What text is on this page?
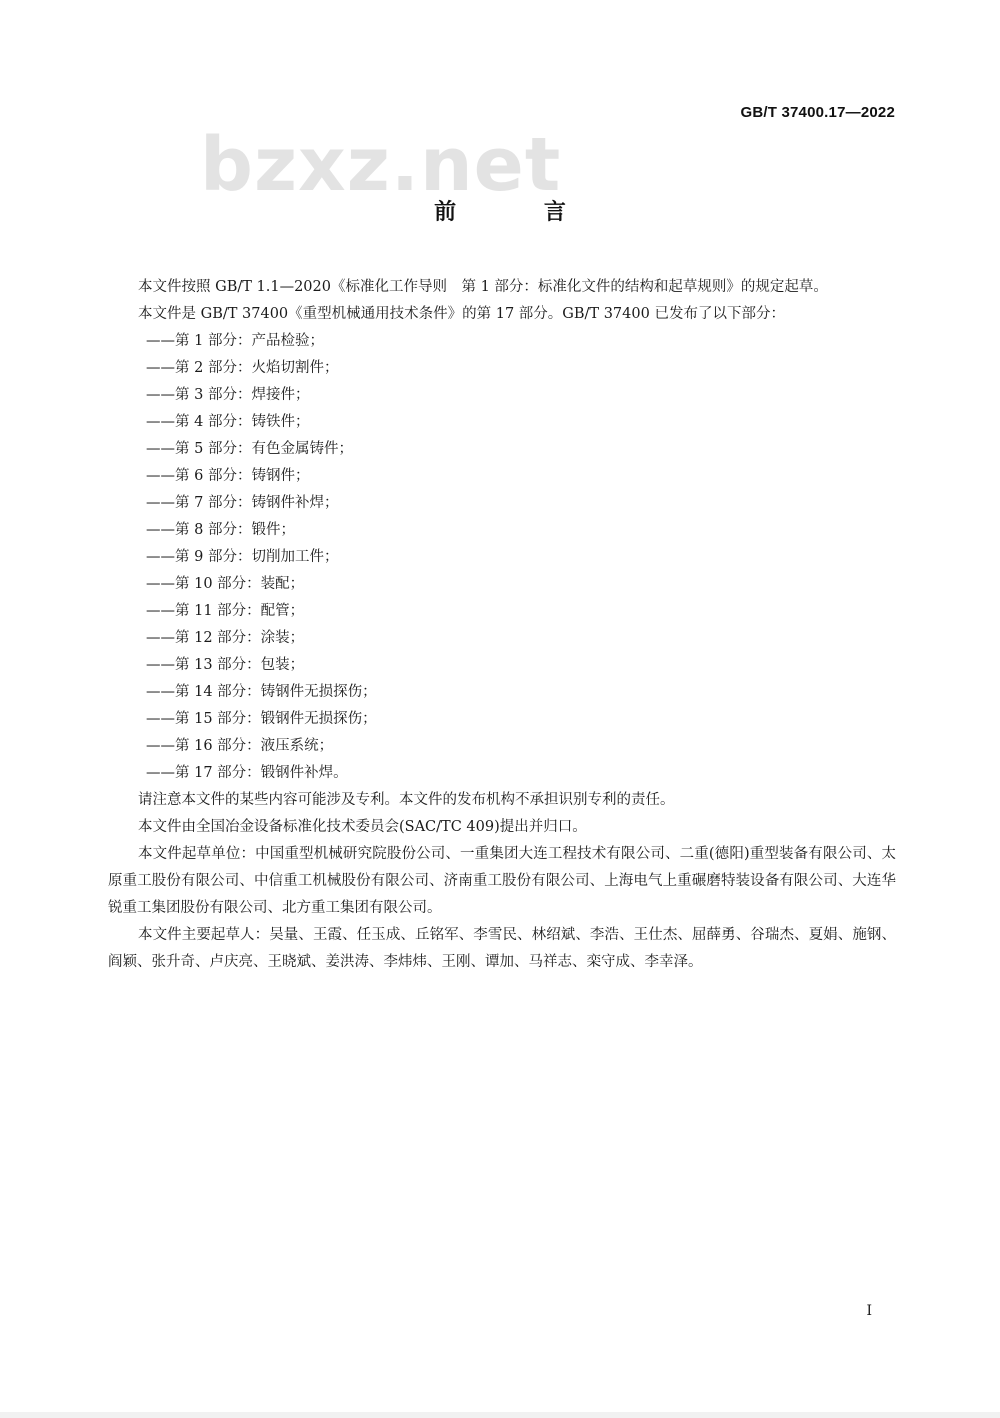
GB/T 37400.17—2022
bzxz.net
前 言

本文件按照 GB/T 1.1—2020《标准化工作导则　第 1 部分：标准化文件的结构和起草规则》的规定起草。

本文件是 GB/T 37400《重型机械通用技术条件》的第 17 部分。GB/T 37400 已发布了以下部分：

——第 1 部分：产品检验；
——第 2 部分：火焰切割件；
——第 3 部分：焊接件；
——第 4 部分：铸铁件；
——第 5 部分：有色金属铸件；
——第 6 部分：铸钢件；
——第 7 部分：铸钢件补焊；
——第 8 部分：锻件；
——第 9 部分：切削加工件；
——第 10 部分：装配；
——第 11 部分：配管；
——第 12 部分：涂装；
——第 13 部分：包装；
——第 14 部分：铸钢件无损探伤；
——第 15 部分：锻钢件无损探伤；
——第 16 部分：液压系统；
——第 17 部分：锻钢件补焊。

请注意本文件的某些内容可能涉及专利。本文件的发布机构不承担识别专利的责任。

本文件由全国冶金设备标准化技术委员会(SAC/TC 409)提出并归口。

本文件起草单位：中国重型机械研究院股份公司、一重集团大连工程技术有限公司、二重(德阳)重型装备有限公司、太原重工股份有限公司、中信重工机械股份有限公司、济南重工股份有限公司、上海电气上重碾磨特装设备有限公司、大连华锐重工集团股份有限公司、北方重工集团有限公司。

本文件主要起草人：吴量、王霞、任玉成、丘铭军、李雪民、林绍斌、李浩、王仕杰、屈薛勇、谷瑞杰、夏娟、施钢、阎颖、张升奇、卢庆亮、王晓斌、姜洪涛、李炜炜、王刚、谭加、马祥志、栾守成、李幸泽。

I
